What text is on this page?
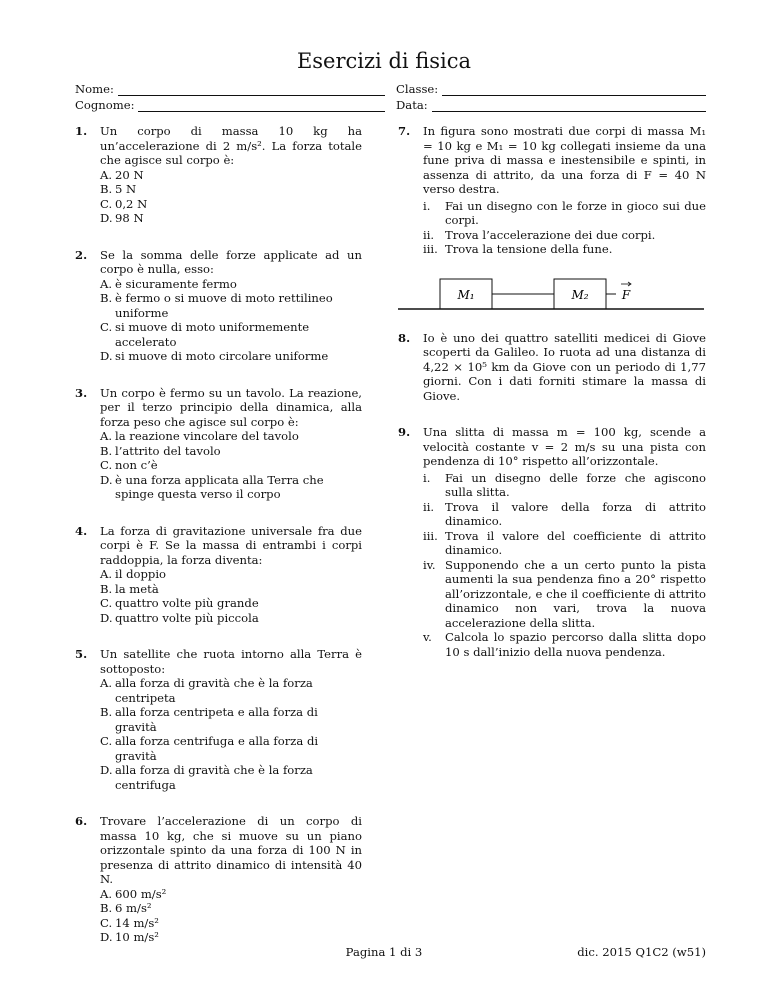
Esercizi di fisica
Nome:
Cognome:
Classe:
Data:
1. Un corpo di massa 10 kg ha un’accelerazione di 2 m/s². La forza totale che agisce sul corpo è:
A. 20 N
B. 5 N
C. 0,2 N
D. 98 N
2. Se la somma delle forze applicate ad un corpo è nulla, esso:
A. è sicuramente fermo
B. è fermo o si muove di moto rettilineo uniforme
C. si muove di moto uniformemente accelerato
D. si muove di moto circolare uniforme
3. Un corpo è fermo su un tavolo. La reazione, per il terzo principio della dinamica, alla forza peso che agisce sul corpo è:
A. la reazione vincolare del tavolo
B. l’attrito del tavolo
C. non c’è
D. è una forza applicata alla Terra che spinge questa verso il corpo
4. La forza di gravitazione universale fra due corpi è F. Se la massa di entrambi i corpi raddoppia, la forza diventa:
A. il doppio
B. la metà
C. quattro volte più grande
D. quattro volte più piccola
5. Un satellite che ruota intorno alla Terra è sottoposto:
A. alla forza di gravità che è la forza centripeta
B. alla forza centripeta e alla forza di gravità
C. alla forza centrifuga e alla forza di gravità
D. alla forza di gravità che è la forza centrifuga
6. Trovare l’accelerazione di un corpo di massa 10 kg, che si muove su un piano orizzontale spinto da una forza di 100 N in presenza di attrito dinamico di intensità 40 N.
A. 600 m/s²
B. 6 m/s²
C. 14 m/s²
D. 10 m/s²
7. In figura sono mostrati due corpi di massa M₁ = 10 kg e M₁ = 10 kg collegati insieme da una fune priva di massa e inestensibile e spinti, in assenza di attrito, da una forza di F = 40 N verso destra.
i. Fai un disegno con le forze in gioco sui due corpi.
ii. Trova l’accelerazione dei due corpi.
iii. Trova la tensione della fune.
M₁	M₂	F
8. Io è uno dei quattro satelliti medicei di Giove scoperti da Galileo. Io ruota ad una distanza di 4,22 × 10⁵ km da Giove con un periodo di 1,77 giorni. Con i dati forniti stimare la massa di Giove.
9. Una slitta di massa m = 100 kg, scende a velocità costante v = 2 m/s su una pista con pendenza di 10° rispetto all’orizzontale.
i. Fai un disegno delle forze che agiscono sulla slitta.
ii. Trova il valore della forza di attrito dinamico.
iii. Trova il valore del coefficiente di attrito dinamico.
iv. Supponendo che a un certo punto la pista aumenti la sua pendenza fino a 20° rispetto all’orizzontale, e che il coefficiente di attrito dinamico non vari, trova la nuova accelerazione della slitta.
v. Calcola lo spazio percorso dalla slitta dopo 10 s dall’inizio della nuova pendenza.
Pagina 1 di 3	dic. 2015 Q1C2 (w51)
